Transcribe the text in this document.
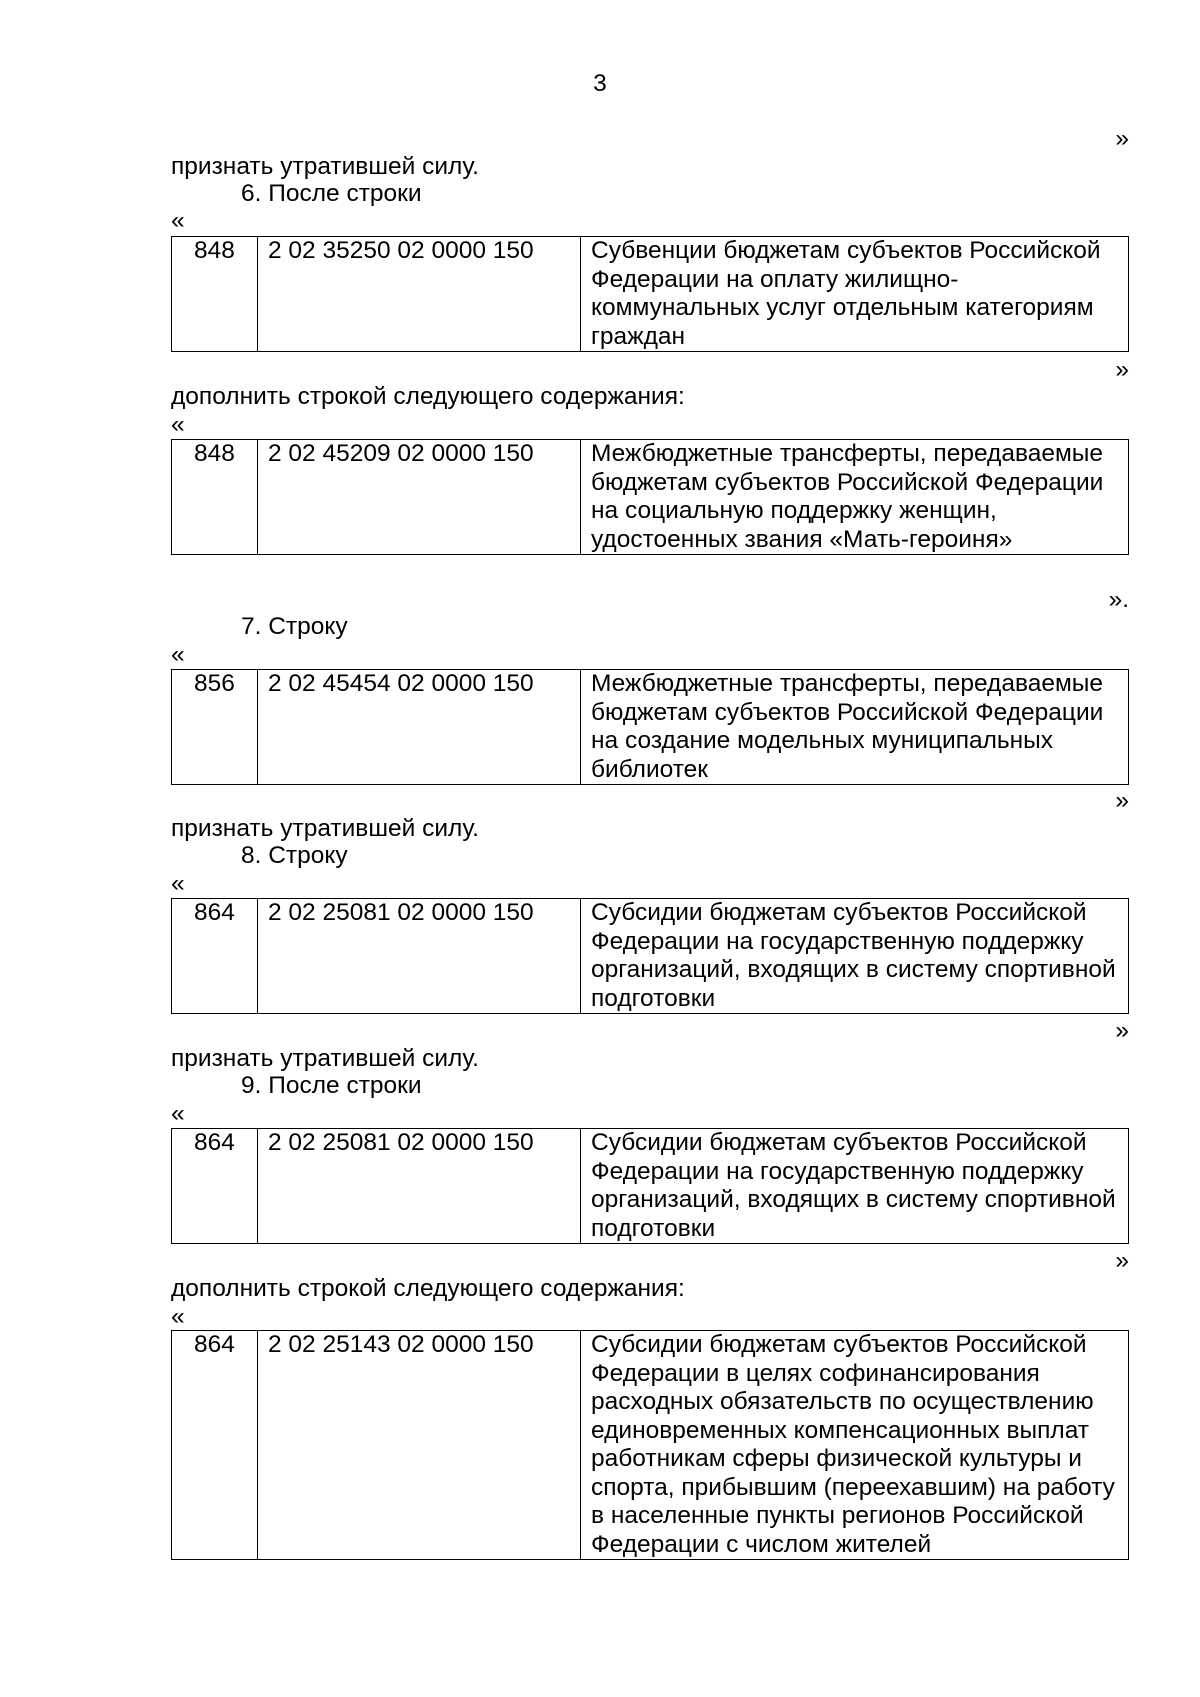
3
»
признать утратившей силу.
6. После строки
«
848	2 02 35250 02 0000 150	Субвенции бюджетам субъектов Российской Федерации на оплату жилищно-коммунальных услуг отдельным категориям граждан
»
дополнить строкой следующего содержания:
«
848	2 02 45209 02 0000 150	Межбюджетные трансферты, передаваемые бюджетам субъектов Российской Федерации на социальную поддержку женщин, удостоенных звания «Мать-героиня»
».
7. Строку
«
856	2 02 45454 02 0000 150	Межбюджетные трансферты, передаваемые бюджетам субъектов Российской Федерации на создание модельных муниципальных библиотек
»
признать утратившей силу.
8. Строку
«
864	2 02 25081 02 0000 150	Субсидии бюджетам субъектов Российской Федерации на государственную поддержку организаций, входящих в систему спортивной подготовки
»
признать утратившей силу.
9. После строки
«
864	2 02 25081 02 0000 150	Субсидии бюджетам субъектов Российской Федерации на государственную поддержку организаций, входящих в систему спортивной подготовки
»
дополнить строкой следующего содержания:
«
864	2 02 25143 02 0000 150	Субсидии бюджетам субъектов Российской Федерации в целях софинансирования расходных обязательств по осуществлению единовременных компенсационных выплат работникам сферы физической культуры и спорта, прибывшим (переехавшим) на работу в населенные пункты регионов Российской Федерации с числом жителей
